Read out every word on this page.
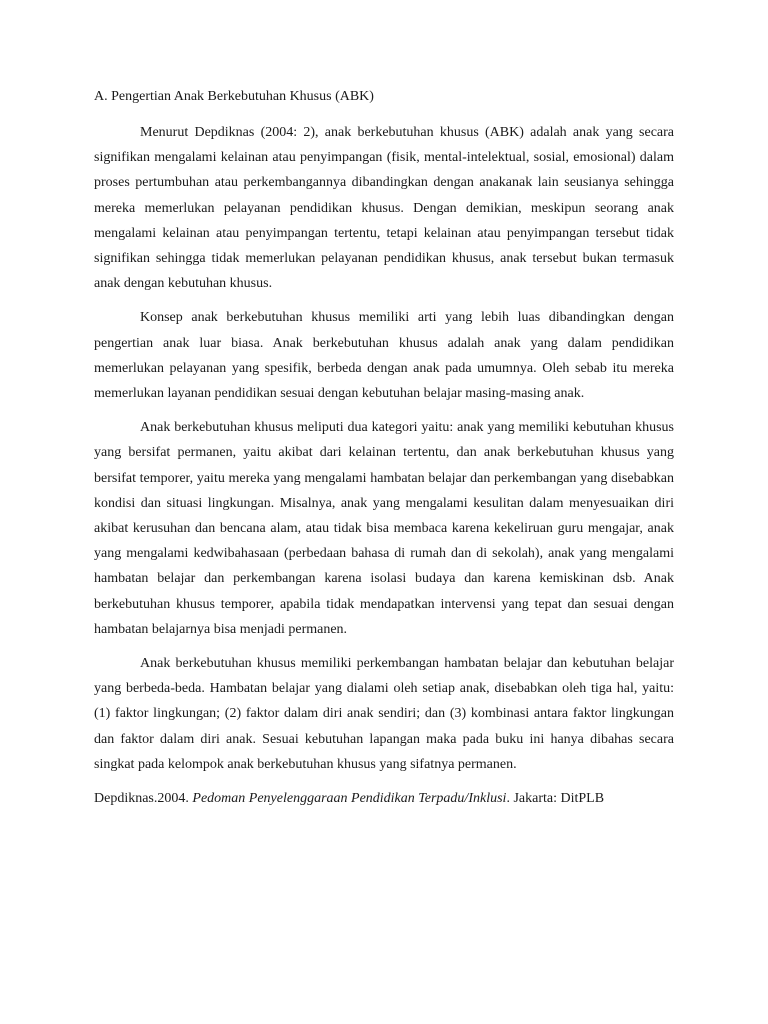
A. Pengertian Anak Berkebutuhan Khusus (ABK)

Menurut Depdiknas (2004: 2), anak berkebutuhan khusus (ABK) adalah anak yang secara signifikan mengalami kelainan atau penyimpangan (fisik, mental-intelektual, sosial, emosional) dalam proses pertumbuhan atau perkembangannya dibandingkan dengan anakanak lain seusianya sehingga mereka memerlukan pelayanan pendidikan khusus. Dengan demikian, meskipun seorang anak mengalami kelainan atau penyimpangan tertentu, tetapi kelainan atau penyimpangan tersebut tidak signifikan sehingga tidak memerlukan pelayanan pendidikan khusus, anak tersebut bukan termasuk anak dengan kebutuhan khusus.

Konsep anak berkebutuhan khusus memiliki arti yang lebih luas dibandingkan dengan pengertian anak luar biasa. Anak berkebutuhan khusus adalah anak yang dalam pendidikan memerlukan pelayanan yang spesifik, berbeda dengan anak pada umumnya. Oleh sebab itu mereka memerlukan layanan pendidikan sesuai dengan kebutuhan belajar masing-masing anak.

Anak berkebutuhan khusus meliputi dua kategori yaitu: anak yang memiliki kebutuhan khusus yang bersifat permanen, yaitu akibat dari kelainan tertentu, dan anak berkebutuhan khusus yang bersifat temporer, yaitu mereka yang mengalami hambatan belajar dan perkembangan yang disebabkan kondisi dan situasi lingkungan. Misalnya, anak yang mengalami kesulitan dalam menyesuaikan diri akibat kerusuhan dan bencana alam, atau tidak bisa membaca karena kekeliruan guru mengajar, anak yang mengalami kedwibahasaan (perbedaan bahasa di rumah dan di sekolah), anak yang mengalami hambatan belajar dan perkembangan karena isolasi budaya dan karena kemiskinan dsb. Anak berkebutuhan khusus temporer, apabila tidak mendapatkan intervensi yang tepat dan sesuai dengan hambatan belajarnya bisa menjadi permanen.

Anak berkebutuhan khusus memiliki perkembangan hambatan belajar dan kebutuhan belajar yang berbeda-beda. Hambatan belajar yang dialami oleh setiap anak, disebabkan oleh tiga hal, yaitu: (1) faktor lingkungan; (2) faktor dalam diri anak sendiri; dan (3) kombinasi antara faktor lingkungan dan faktor dalam diri anak. Sesuai kebutuhan lapangan maka pada buku ini hanya dibahas secara singkat pada kelompok anak berkebutuhan khusus yang sifatnya permanen.

Depdiknas.2004. Pedoman Penyelenggaraan Pendidikan Terpadu/Inklusi. Jakarta: DitPLB
